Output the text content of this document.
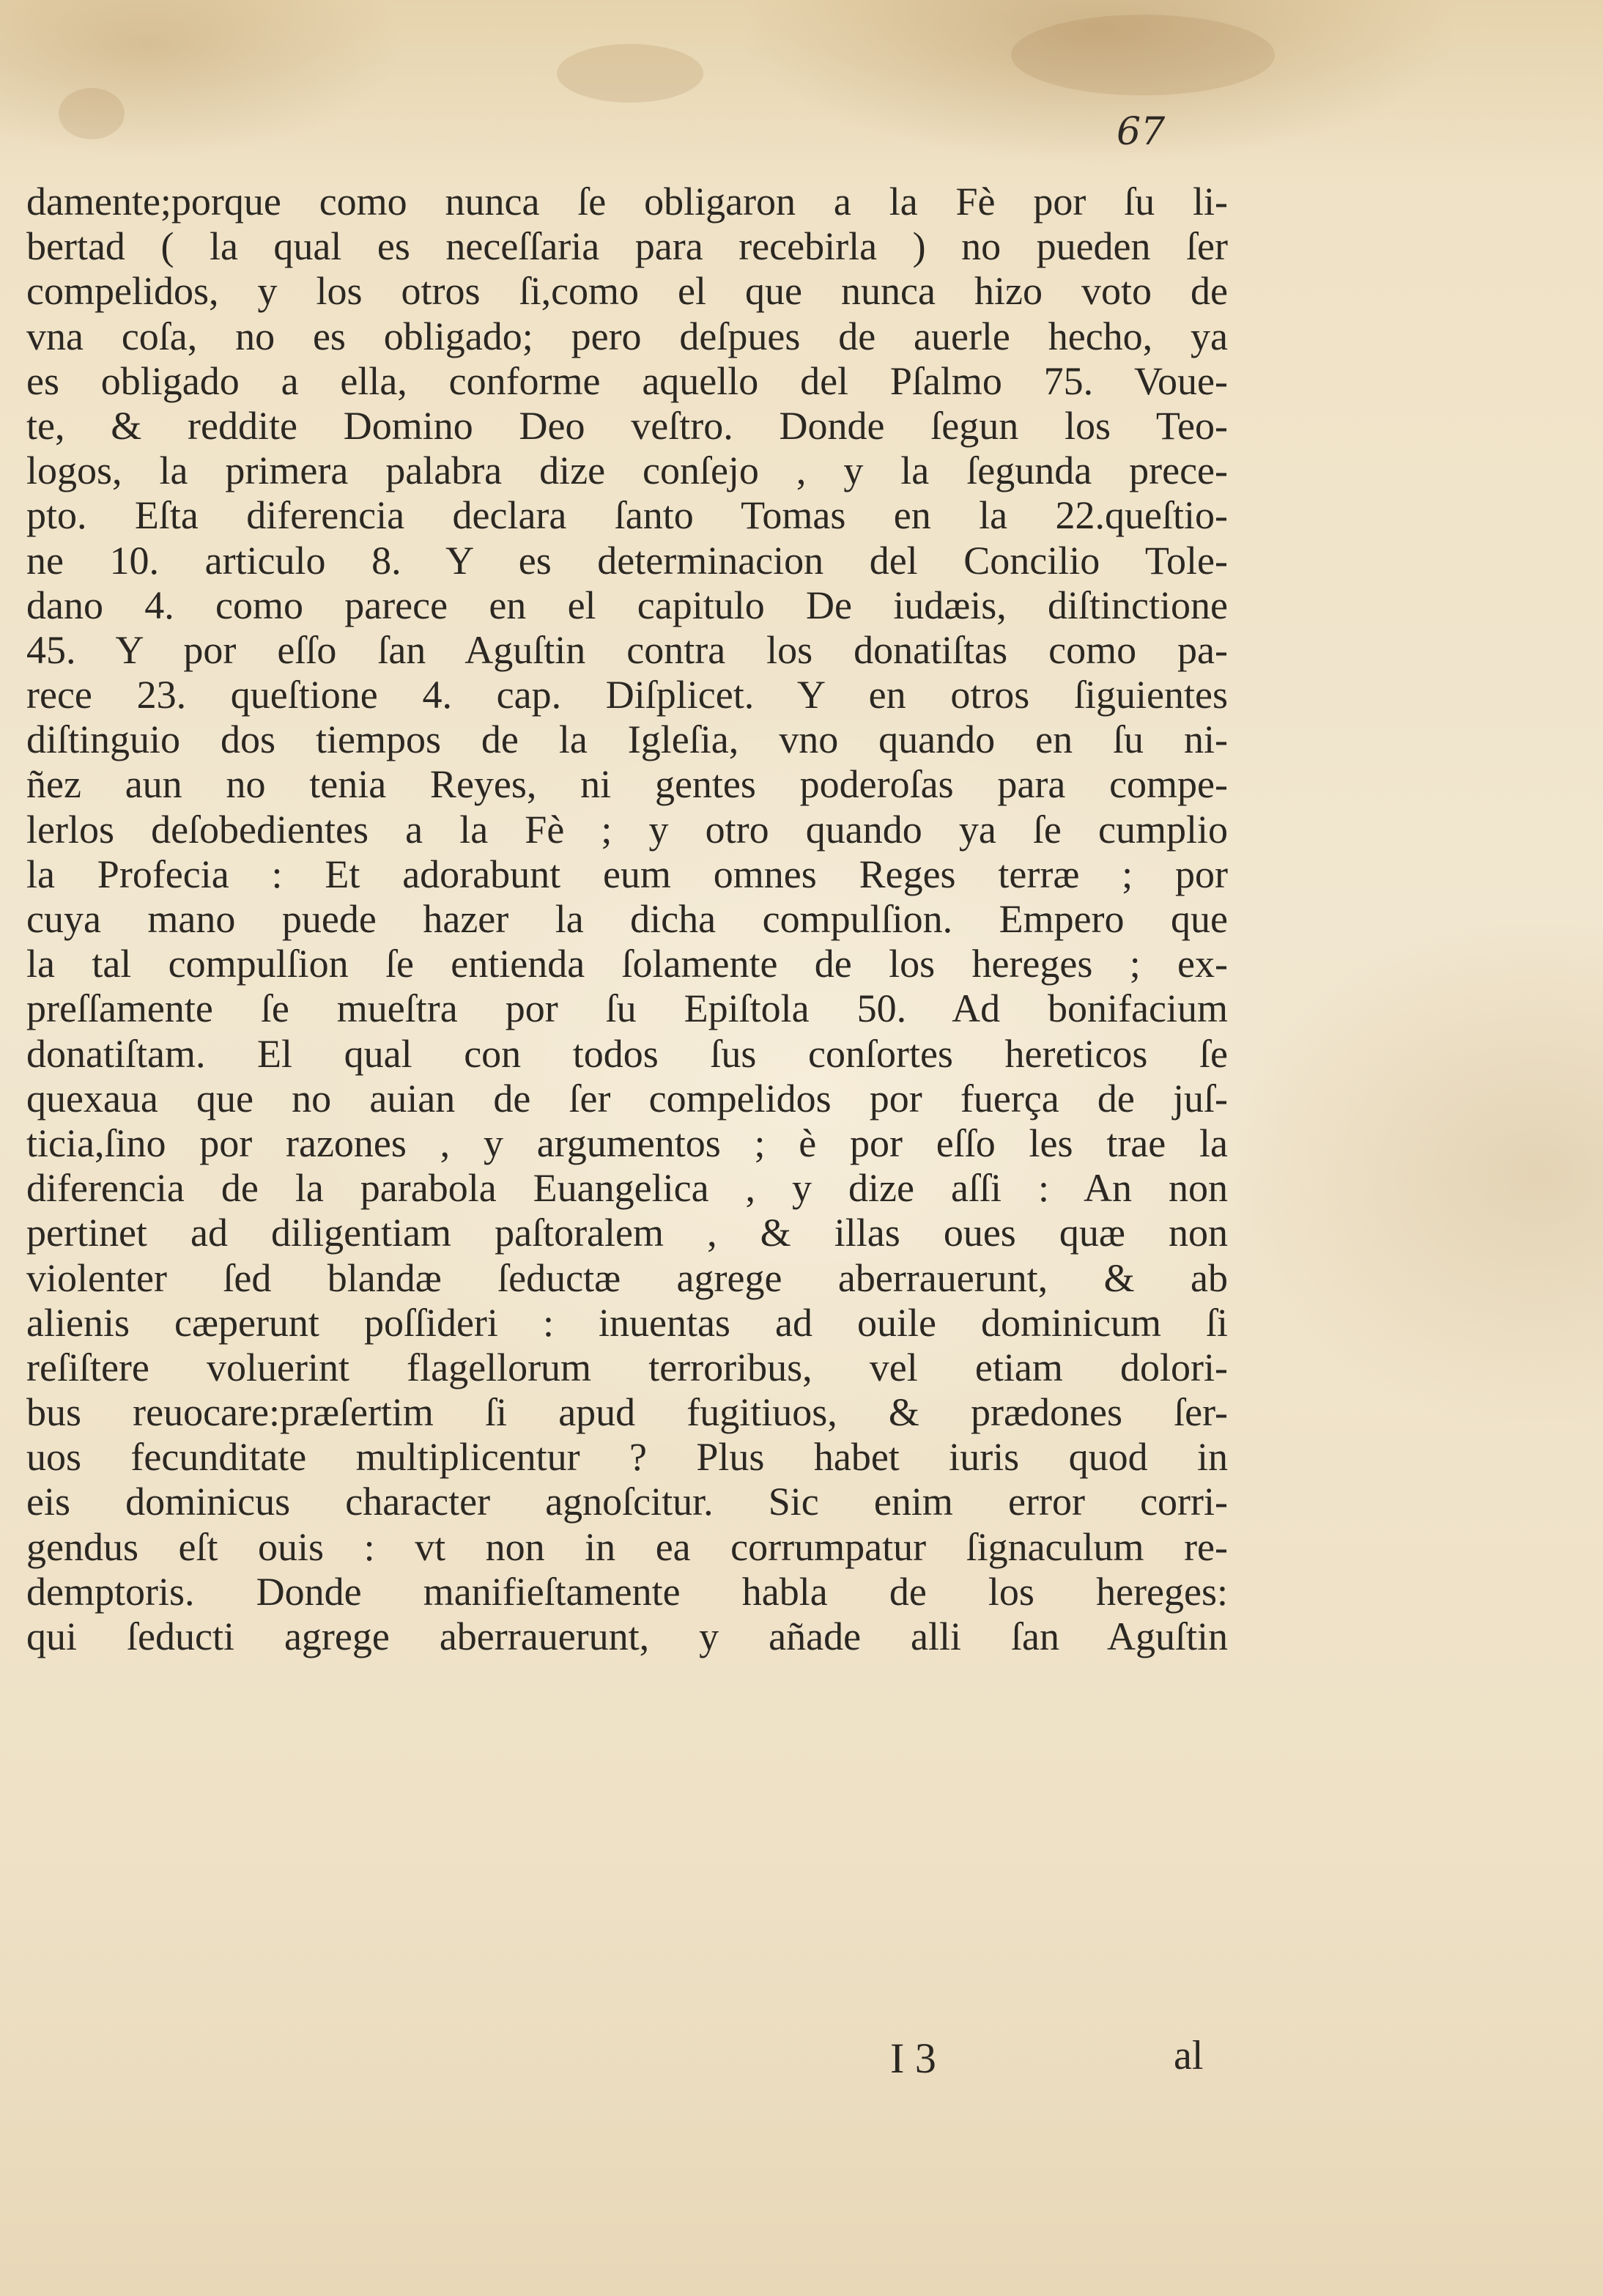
67
damente;porque como nunca ſe obligaron a la Fè por ſu li-
bertad ( la qual es neceſſaria para recebirla ) no pueden ſer
compelidos, y los otros ſi,como el que nunca hizo voto de
vna coſa, no es obligado; pero deſpues de auerle hecho, ya
es obligado a ella, conforme aquello del Pſalmo 75. Voue-
te, & reddite Domino Deo veſtro. Donde ſegun los Teo-
logos, la primera palabra dize conſejo , y la ſegunda prece-
pto. Eſta diferencia declara ſanto Tomas en la 22.queſtio-
ne 10. articulo 8. Y es determinacion del Concilio Tole-
dano 4. como parece en el capitulo De iudæis, diſtinctione
45. Y por eſſo ſan Aguſtin contra los donatiſtas como pa-
rece 23. queſtione 4. cap. Diſplicet. Y en otros ſiguientes
diſtinguio dos tiempos de la Igleſia, vno quando en ſu ni-
ñez aun no tenia Reyes, ni gentes poderoſas para compe-
lerlos deſobedientes a la Fè ; y otro quando ya ſe cumplio
la Profecia : Et adorabunt eum omnes Reges terræ ; por
cuya mano puede hazer la dicha compulſion. Empero que
la tal compulſion ſe entienda ſolamente de los hereges ; ex-
preſſamente ſe mueſtra por ſu Epiſtola 50. Ad bonifacium
donatiſtam. El qual con todos ſus conſortes hereticos ſe
quexaua que no auian de ſer compelidos por fuerça de juſ-
ticia,ſino por razones , y argumentos ; è por eſſo les trae la
diferencia de la parabola Euangelica , y dize aſſi : An non
pertinet ad diligentiam paſtoralem , & illas oues quæ non
violenter ſed blandæ ſeductæ agrege aberrauerunt, & ab
alienis cæperunt poſſideri : inuentas ad ouile dominicum ſi
reſiſtere voluerint flagellorum terroribus, vel etiam dolori-
bus reuocare:præſertim ſi apud fugitiuos, & prædones ſer-
uos fecunditate multiplicentur ? Plus habet iuris quod in
eis dominicus character agnoſcitur. Sic enim error corri-
gendus eſt ouis : vt non in ea corrumpatur ſignaculum re-
demptoris. Donde manifieſtamente habla de los hereges:
qui ſeducti agrege aberrauerunt, y añade alli ſan Aguſtin
I 3	al
